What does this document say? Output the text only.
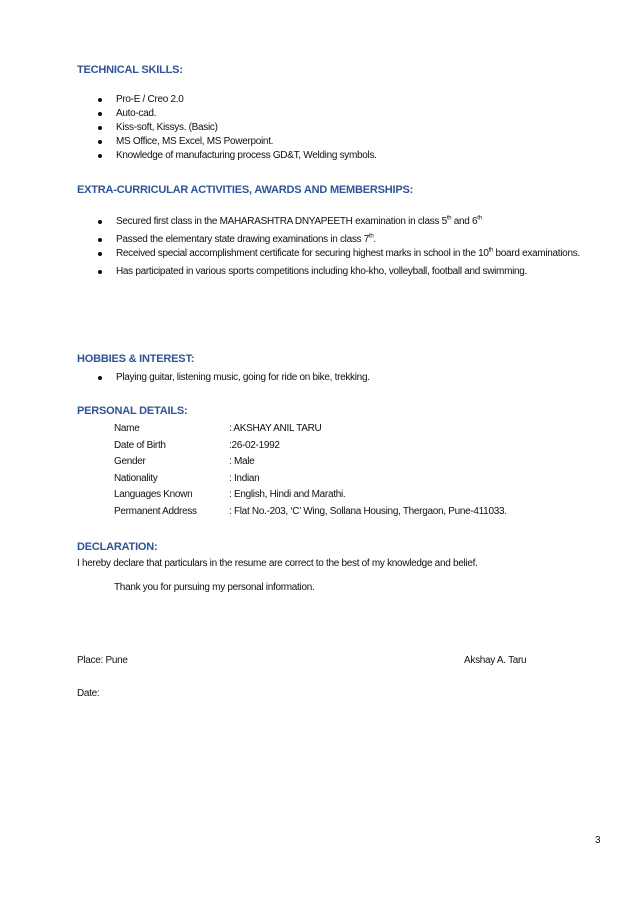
TECHNICAL SKILLS:
Pro-E / Creo 2.0
Auto-cad.
Kiss-soft, Kissys. (Basic)
MS Office, MS Excel, MS Powerpoint.
Knowledge of manufacturing process GD&T, Welding symbols.
EXTRA-CURRICULAR ACTIVITIES, AWARDS AND MEMBERSHIPS:
Secured first class in the MAHARASHTRA DNYAPEETH examination in class 5th and 6th
Passed the elementary state drawing examinations in class 7th.
Received special accomplishment certificate for securing highest marks in school in the 10th board examinations.
Has participated in various sports competitions including kho-kho, volleyball, football and swimming.
HOBBIES & INTEREST:
Playing guitar, listening music, going for ride on bike, trekking.
PERSONAL DETAILS:
Name	: AKSHAY ANIL TARU
Date of Birth	:26-02-1992
Gender	: Male
Nationality	: Indian
Languages Known	: English, Hindi and Marathi.
Permanent Address	: Flat No.-203, ‘C’ Wing, Sollana Housing, Thergaon, Pune-411033.
DECLARATION:

I hereby declare that particulars in the resume are correct to the best of my knowledge and belief.

Thank you for pursuing my personal information.

Place: Pune	Akshay A. Taru

Date:

3
